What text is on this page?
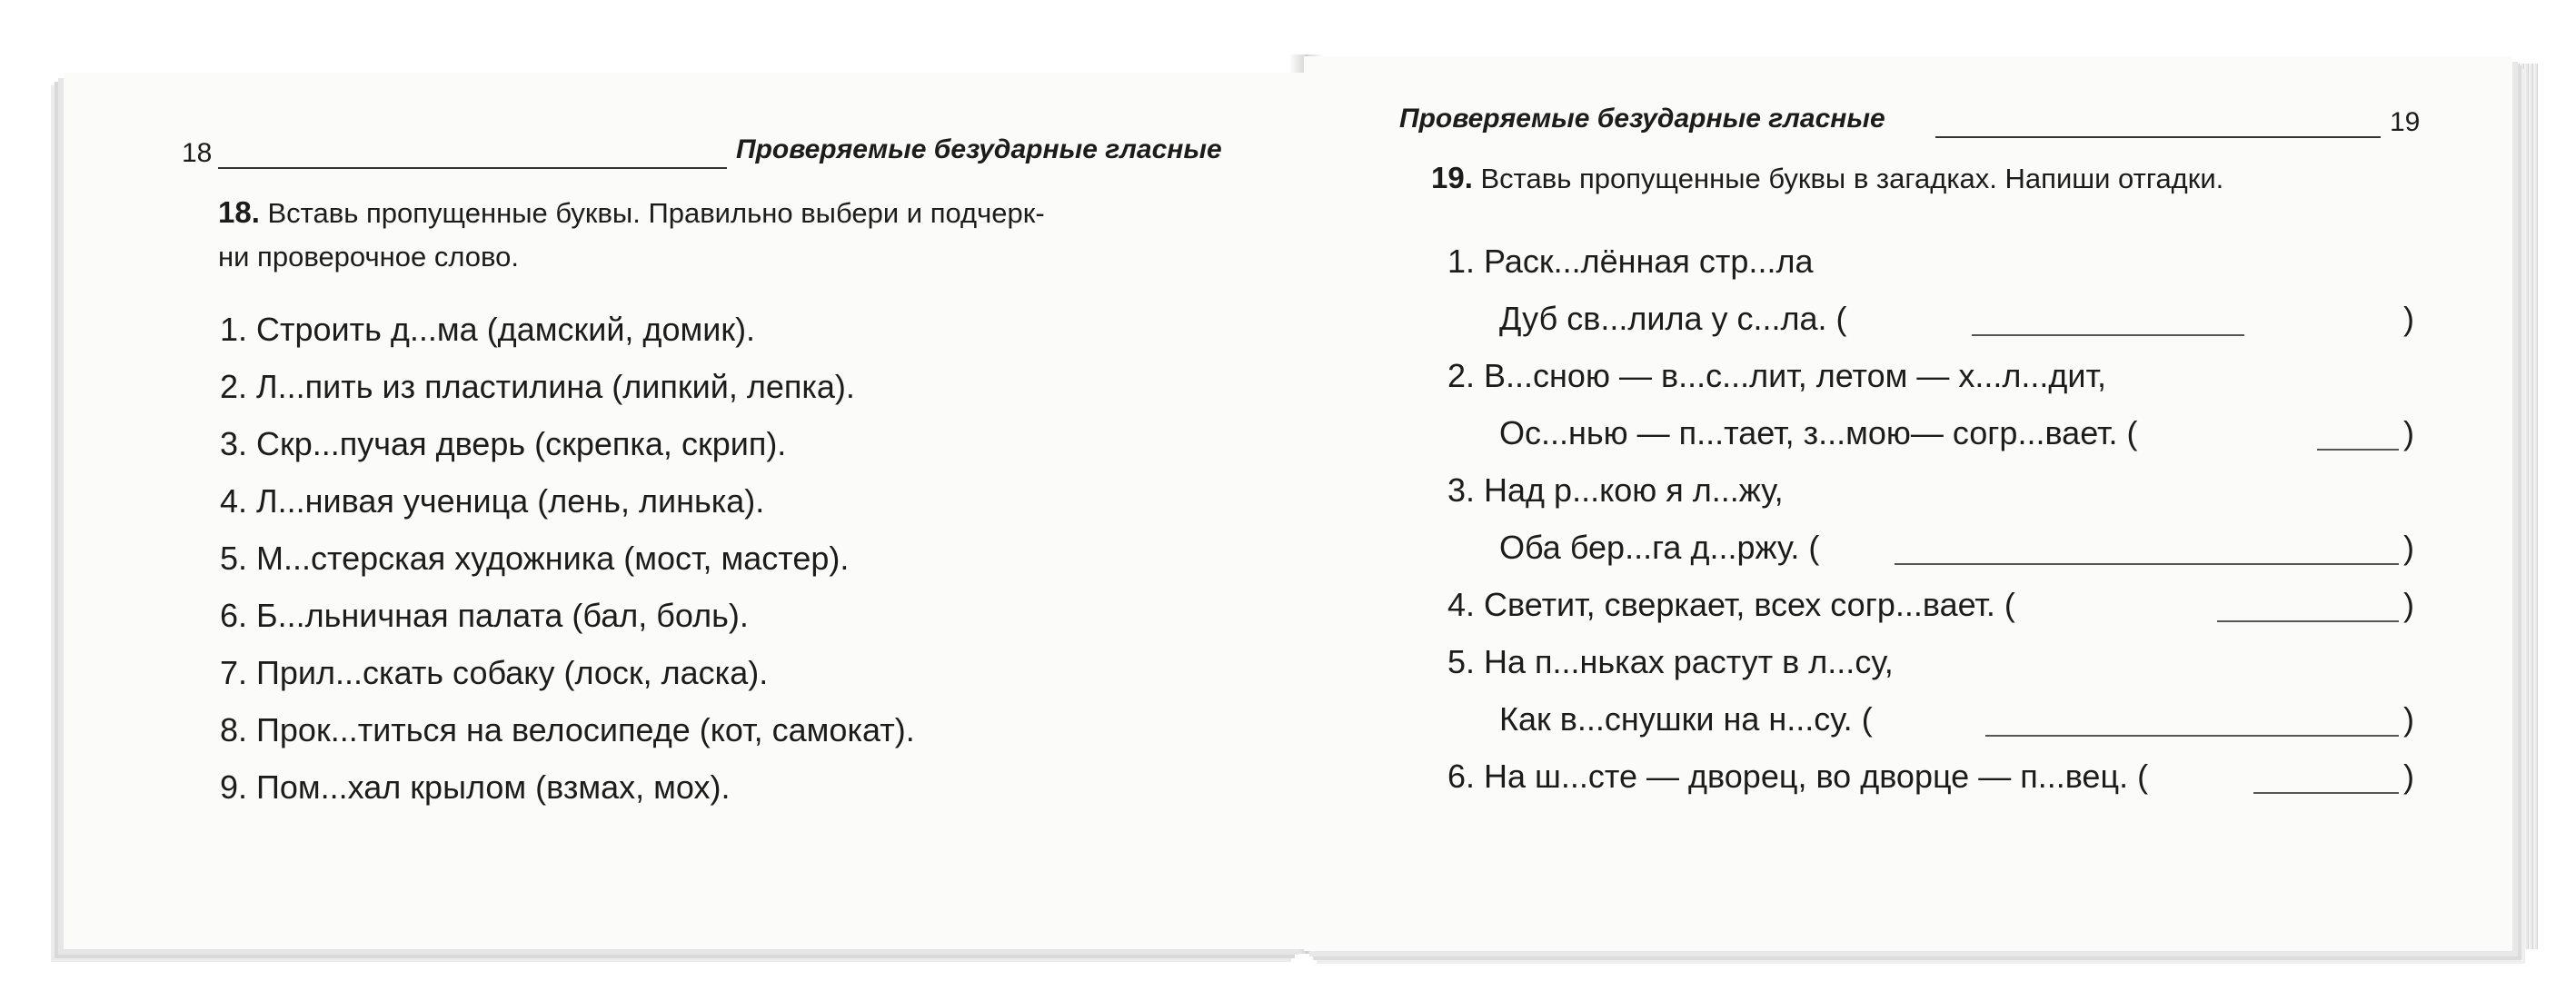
18	Проверяемые безударные гласные
18. Вставь пропущенные буквы. Правильно выбери и подчерк-
ни проверочное слово.
1. Строить д...ма (дамский, домик).
2. Л...пить из пластилина (липкий, лепка).
3. Скр...пучая дверь (скрепка, скрип).
4. Л...нивая ученица (лень, линька).
5. М...стерская художника (мост, мастер).
6. Б...льничная палата (бал, боль).
7. Прил...скать собаку (лоск, ласка).
8. Прок...титься на велосипеде (кот, самокат).
9. Пом...хал крылом (взмах, мох).
Проверяемые безударные гласные	19
19. Вставь пропущенные буквы в загадках. Напиши отгадки.
1. Раск...лённая стр...ла
Дуб св...лила у с...ла. (	)
2. В...сною — в...с...лит, летом — х...л...дит,
Ос...нью — п...тает, з...мою— согр...вает. (	)
3. Над р...кою я л...жу,
Оба бер...га д...ржу. (	)
4. Светит, сверкает, всех согр...вает. (	)
5. На п...ньках растут в л...су,
Как в...снушки на н...су. (	)
6. На ш...сте — дворец, во дворце — п...вец. (	)
